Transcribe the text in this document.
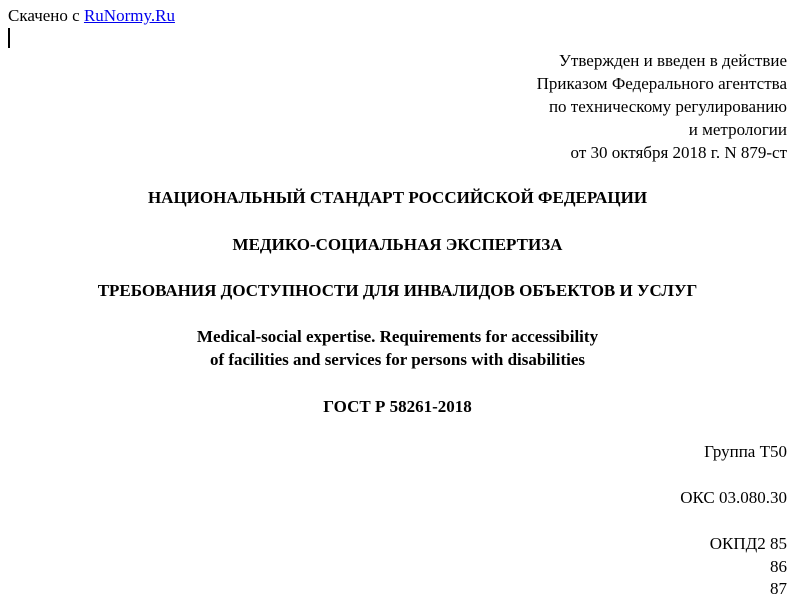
Скачено с RuNormy.Ru
Утвержден и введен в действие
Приказом Федерального агентства
по техническому регулированию
и метрологии
от 30 октября 2018 г. N 879-ст
НАЦИОНАЛЬНЫЙ СТАНДАРТ РОССИЙСКОЙ ФЕДЕРАЦИИ
МЕДИКО-СОЦИАЛЬНАЯ ЭКСПЕРТИЗА
ТРЕБОВАНИЯ ДОСТУПНОСТИ ДЛЯ ИНВАЛИДОВ ОБЪЕКТОВ И УСЛУГ
Medical-social expertise. Requirements for accessibility
of facilities and services for persons with disabilities
ГОСТ Р 58261-2018
Группа Т50
ОКС 03.080.30
ОКПД2 85
86
87
